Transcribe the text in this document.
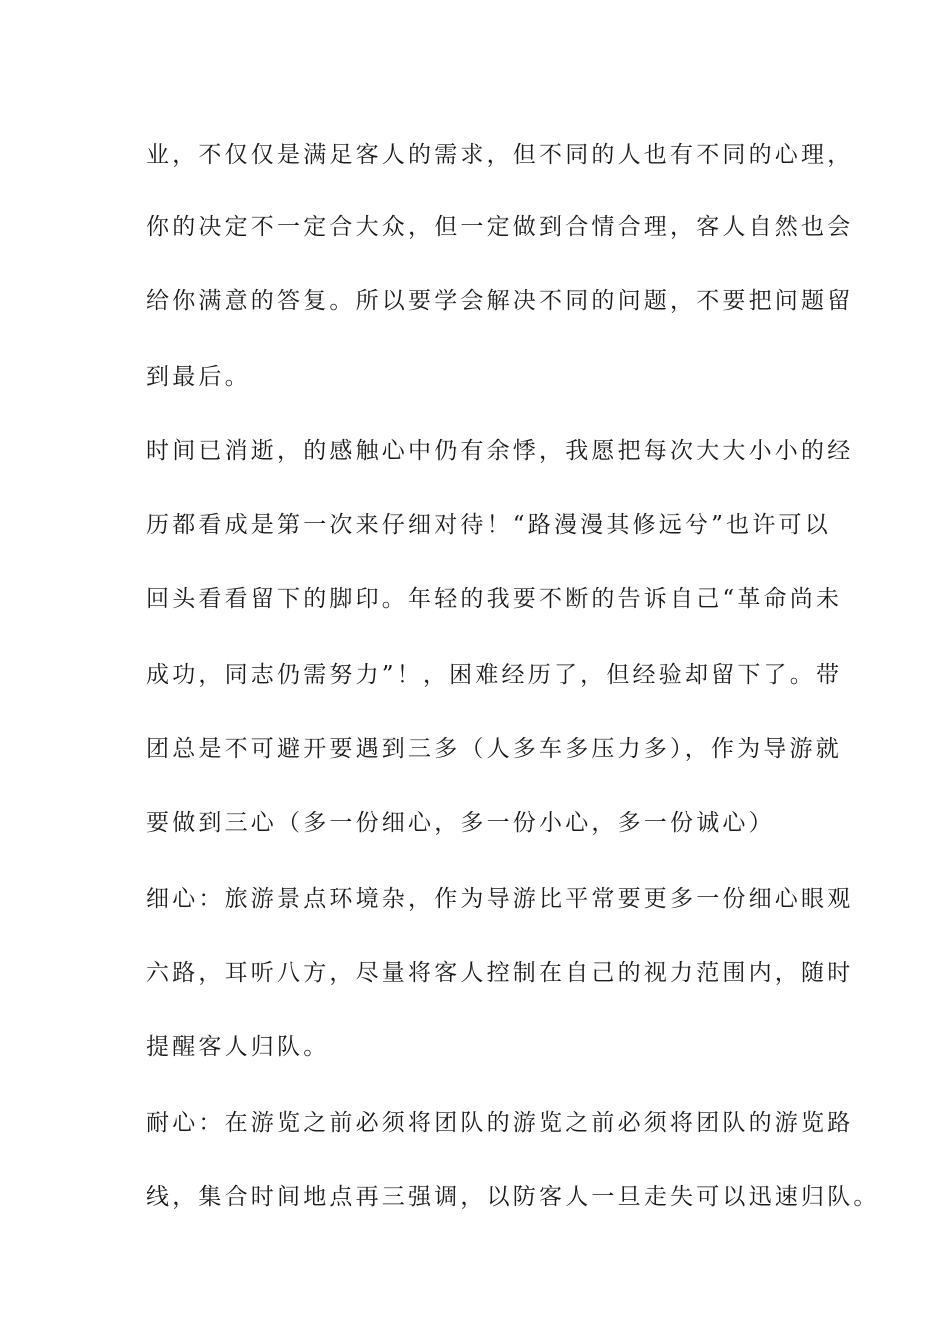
业，不仅仅是满足客人的需求，但不同的人也有不同的心理，
你的决定不一定合大众，但一定做到合情合理，客人自然也会
给你满意的答复。所以要学会解决不同的问题，不要把问题留
到最后。
时间已消逝，的感触心中仍有余悸，我愿把每次大大小小的经
历都看成是第一次来仔细对待！“路漫漫其修远兮”也许可以
回头看看留下的脚印。年轻的我要不断的告诉自己“革命尚未
成功，同志仍需努力”！，困难经历了，但经验却留下了。带
团总是不可避开要遇到三多（人多车多压力多），作为导游就
要做到三心（多一份细心，多一份小心，多一份诚心）
细心：旅游景点环境杂，作为导游比平常要更多一份细心眼观
六路，耳听八方，尽量将客人控制在自己的视力范围内，随时
提醒客人归队。
耐心：在游览之前必须将团队的游览之前必须将团队的游览路
线，集合时间地点再三强调，以防客人一旦走失可以迅速归队。
